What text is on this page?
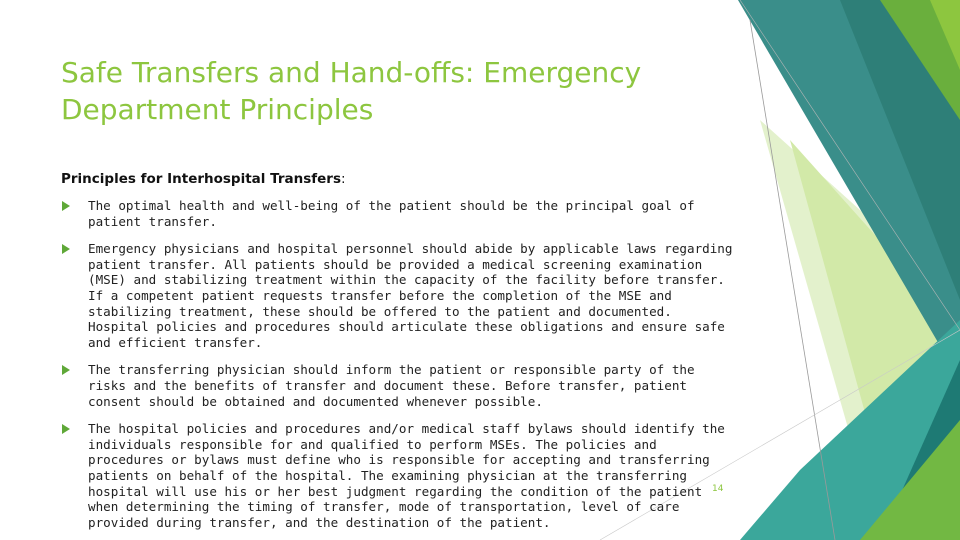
Safe Transfers and Hand-offs: Emergency Department Principles
Principles for Interhospital Transfers:
The optimal health and well-being of the patient should be the principal goal of patient transfer.
Emergency physicians and hospital personnel should abide by applicable laws regarding patient transfer. All patients should be provided a medical screening examination (MSE) and stabilizing treatment within the capacity of the facility before transfer. If a competent patient requests transfer before the completion of the MSE and stabilizing treatment, these should be offered to the patient and documented. Hospital policies and procedures should articulate these obligations and ensure safe and efficient transfer.
The transferring physician should inform the patient or responsible party of the risks and the benefits of transfer and document these. Before transfer, patient consent should be obtained and documented whenever possible.
The hospital policies and procedures and/or medical staff bylaws should identify the individuals responsible for and qualified to perform MSEs. The policies and procedures or bylaws must define who is responsible for accepting and transferring patients on behalf of the hospital. The examining physician at the transferring hospital will use his or her best judgment regarding the condition of the patient when determining the timing of transfer, mode of transportation, level of care provided during transfer, and the destination of the patient.
14
